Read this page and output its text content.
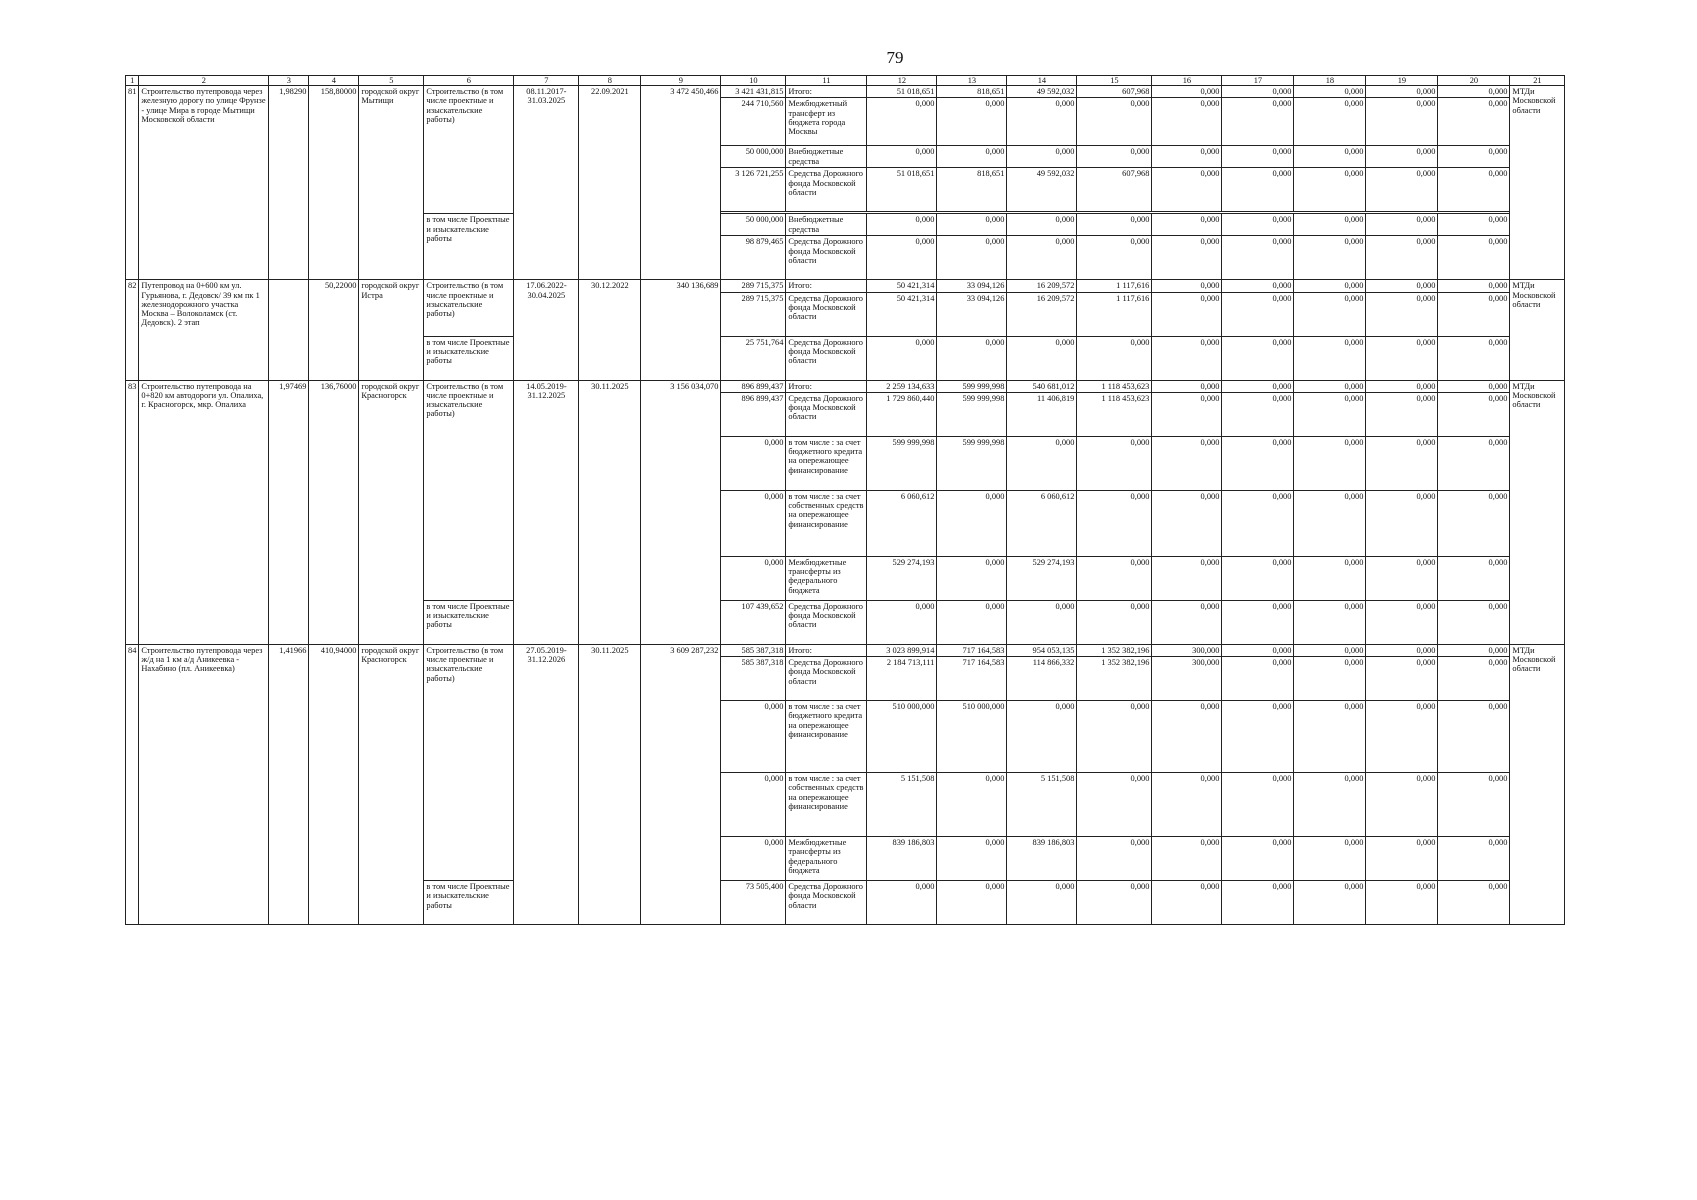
79
1	2	3	4	5	6	7	8	9	10	11	12	13	14	15	16	17	18	19	20	21
81	Строительство путепровода через железную дорогу по улице Фрунзе - улице Мира в городе Мытищи Московской области	1,98290	158,80000	городской округ Мытищи	Строительство (в том числе проектные и изыскательские работы)	08.11.2017-31.03.2025	22.09.2021	3 472 450,466	3 421 431,815	Итого:	51 018,651	818,651	49 592,032	607,968	0,000	0,000	0,000	0,000	0,000	МТДи Московской области
									244 710,560	Межбюджетный трансферт из бюджета города Москвы	0,000	0,000	0,000	0,000	0,000	0,000	0,000	0,000	0,000	
									50 000,000	Внебюджетные средства	0,000	0,000	0,000	0,000	0,000	0,000	0,000	0,000	0,000	
									3 126 721,255	Средства Дорожного фонда Московской области	51 018,651	818,651	49 592,032	607,968	0,000	0,000	0,000	0,000	0,000	

					в том числе Проектные и изыскательские работы				50 000,000	Внебюджетные средства	0,000	0,000	0,000	0,000	0,000	0,000	0,000	0,000	0,000	
									98 879,465	Средства Дорожного фонда Московской области	0,000	0,000	0,000	0,000	0,000	0,000	0,000	0,000	0,000	
82	Путепровод на 0+600 км ул. Гурьянова, г. Дедовск/ 39 км пк 1 железнодорожного участка Москва – Волоколамск (ст. Дедовск). 2 этап		50,22000	городской округ Истра	Строительство (в том числе проектные и изыскательские работы)	17.06.2022-30.04.2025	30.12.2022	340 136,689	289 715,375	Итого:	50 421,314	33 094,126	16 209,572	1 117,616	0,000	0,000	0,000	0,000	0,000	МТДи Московской области
									289 715,375	Средства Дорожного фонда Московской области	50 421,314	33 094,126	16 209,572	1 117,616	0,000	0,000	0,000	0,000	0,000	
					в том числе Проектные и изыскательские работы				25 751,764	Средства Дорожного фонда Московской области	0,000	0,000	0,000	0,000	0,000	0,000	0,000	0,000	0,000	
83	Строительство путепровода на 0+820 км автодороги ул. Опалиха, г. Красногорск, мкр. Опалиха	1,97469	136,76000	городской округ Красногорск	Строительство (в том числе проектные и изыскательские работы)	14.05.2019-31.12.2025	30.11.2025	3 156 034,070	896 899,437	Итого:	2 259 134,633	599 999,998	540 681,012	1 118 453,623	0,000	0,000	0,000	0,000	0,000	МТДи Московской области
									896 899,437	Средства Дорожного фонда Московской области	1 729 860,440	599 999,998	11 406,819	1 118 453,623	0,000	0,000	0,000	0,000	0,000	
									0,000	в том числе : за счет бюджетного кредита на опережающее финансирование	599 999,998	599 999,998	0,000	0,000	0,000	0,000	0,000	0,000	0,000	
									0,000	в том числе : за счет собственных средств на опережающее финансирование	6 060,612	0,000	6 060,612	0,000	0,000	0,000	0,000	0,000	0,000	
									0,000	Межбюджетные трансферты из федерального бюджета	529 274,193	0,000	529 274,193	0,000	0,000	0,000	0,000	0,000	0,000	
					в том числе Проектные и изыскательские работы				107 439,652	Средства Дорожного фонда Московской области	0,000	0,000	0,000	0,000	0,000	0,000	0,000	0,000	0,000	
84	Строительство путепровода через ж/д на 1 км а/д Аникеевка - Нахабино (пл. Аникеевка)	1,41966	410,94000	городской округ Красногорск	Строительство (в том числе проектные и изыскательские работы)	27.05.2019-31.12.2026	30.11.2025	3 609 287,232	585 387,318	Итого:	3 023 899,914	717 164,583	954 053,135	1 352 382,196	300,000	0,000	0,000	0,000	0,000	МТДи Московской области
									585 387,318	Средства Дорожного фонда Московской области	2 184 713,111	717 164,583	114 866,332	1 352 382,196	300,000	0,000	0,000	0,000	0,000	
									0,000	в том числе : за счет бюджетного кредита на опережающее финансирование	510 000,000	510 000,000	0,000	0,000	0,000	0,000	0,000	0,000	0,000	
									0,000	в том числе : за счет собственных средств на опережающее финансирование	5 151,508	0,000	5 151,508	0,000	0,000	0,000	0,000	0,000	0,000	
									0,000	Межбюджетные трансферты из федерального бюджета	839 186,803	0,000	839 186,803	0,000	0,000	0,000	0,000	0,000	0,000	
					в том числе Проектные и изыскательские работы				73 505,400	Средства Дорожного фонда Московской области	0,000	0,000	0,000	0,000	0,000	0,000	0,000	0,000	0,000	
